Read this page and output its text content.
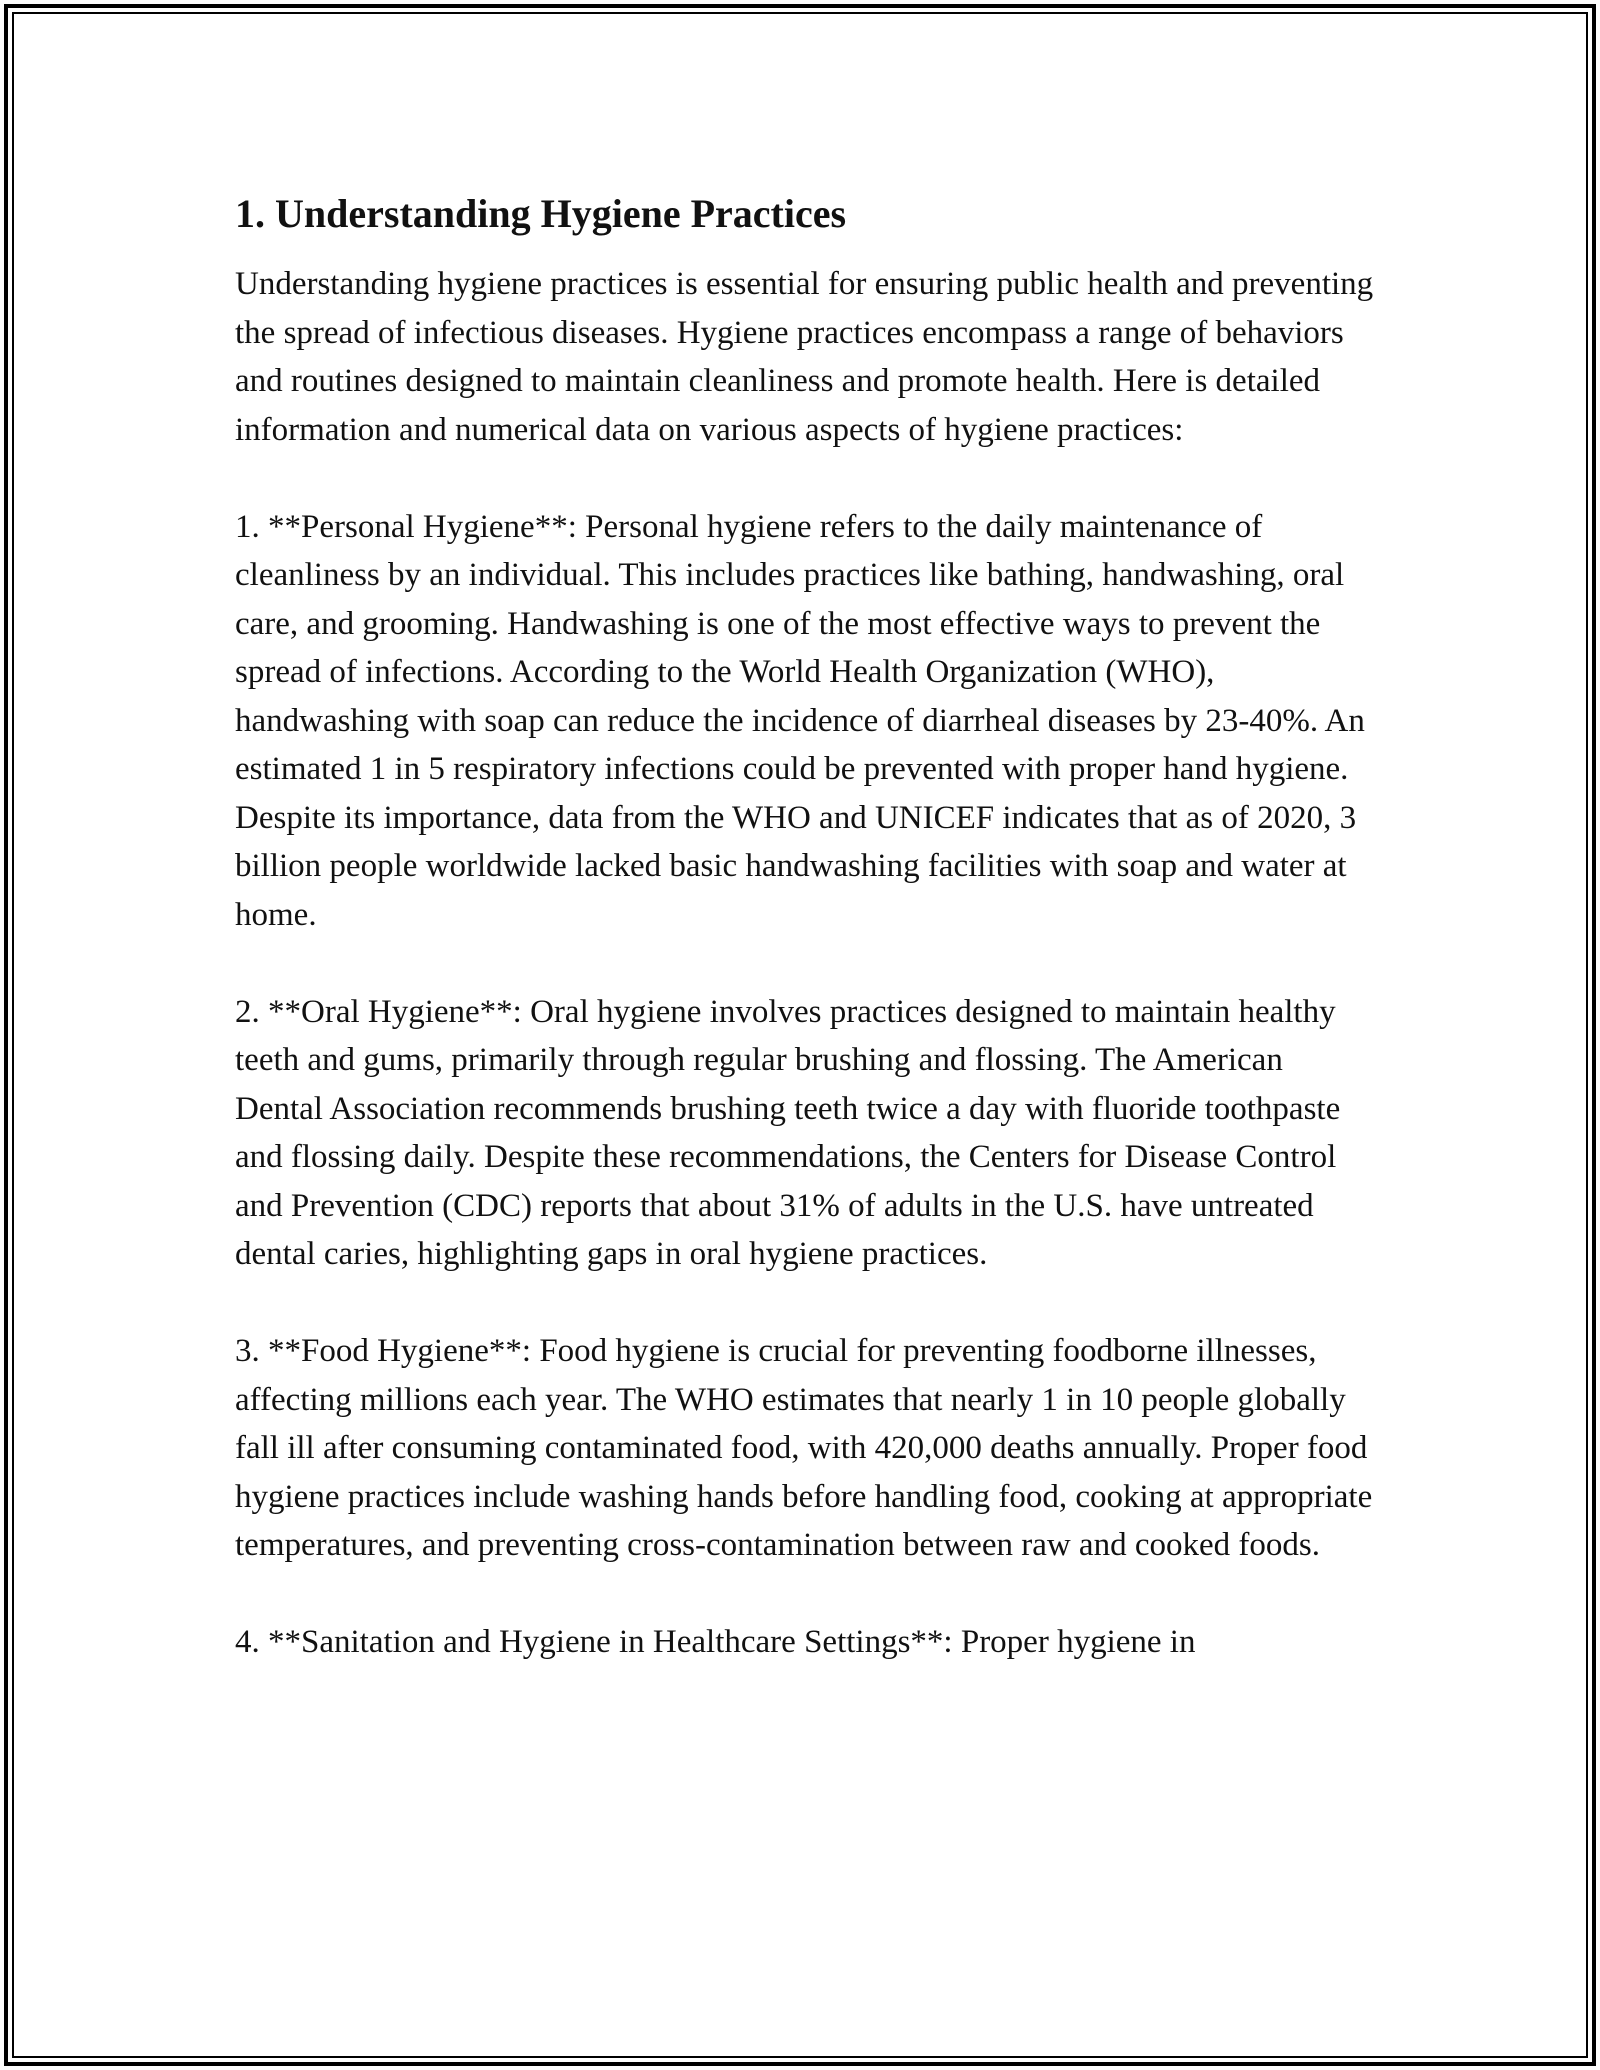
1. Understanding Hygiene Practices

Understanding hygiene practices is essential for ensuring public health and preventing the spread of infectious diseases. Hygiene practices encompass a range of behaviors and routines designed to maintain cleanliness and promote health. Here is detailed information and numerical data on various aspects of hygiene practices:

1. **Personal Hygiene**: Personal hygiene refers to the daily maintenance of cleanliness by an individual. This includes practices like bathing, handwashing, oral care, and grooming. Handwashing is one of the most effective ways to prevent the spread of infections. According to the World Health Organization (WHO), handwashing with soap can reduce the incidence of diarrheal diseases by 23-40%. An estimated 1 in 5 respiratory infections could be prevented with proper hand hygiene. Despite its importance, data from the WHO and UNICEF indicates that as of 2020, 3 billion people worldwide lacked basic handwashing facilities with soap and water at home.

2. **Oral Hygiene**: Oral hygiene involves practices designed to maintain healthy teeth and gums, primarily through regular brushing and flossing. The American Dental Association recommends brushing teeth twice a day with fluoride toothpaste and flossing daily. Despite these recommendations, the Centers for Disease Control and Prevention (CDC) reports that about 31% of adults in the U.S. have untreated dental caries, highlighting gaps in oral hygiene practices.

3. **Food Hygiene**: Food hygiene is crucial for preventing foodborne illnesses, affecting millions each year. The WHO estimates that nearly 1 in 10 people globally fall ill after consuming contaminated food, with 420,000 deaths annually. Proper food hygiene practices include washing hands before handling food, cooking at appropriate temperatures, and preventing cross-contamination between raw and cooked foods.

4. **Sanitation and Hygiene in Healthcare Settings**: Proper hygiene in
